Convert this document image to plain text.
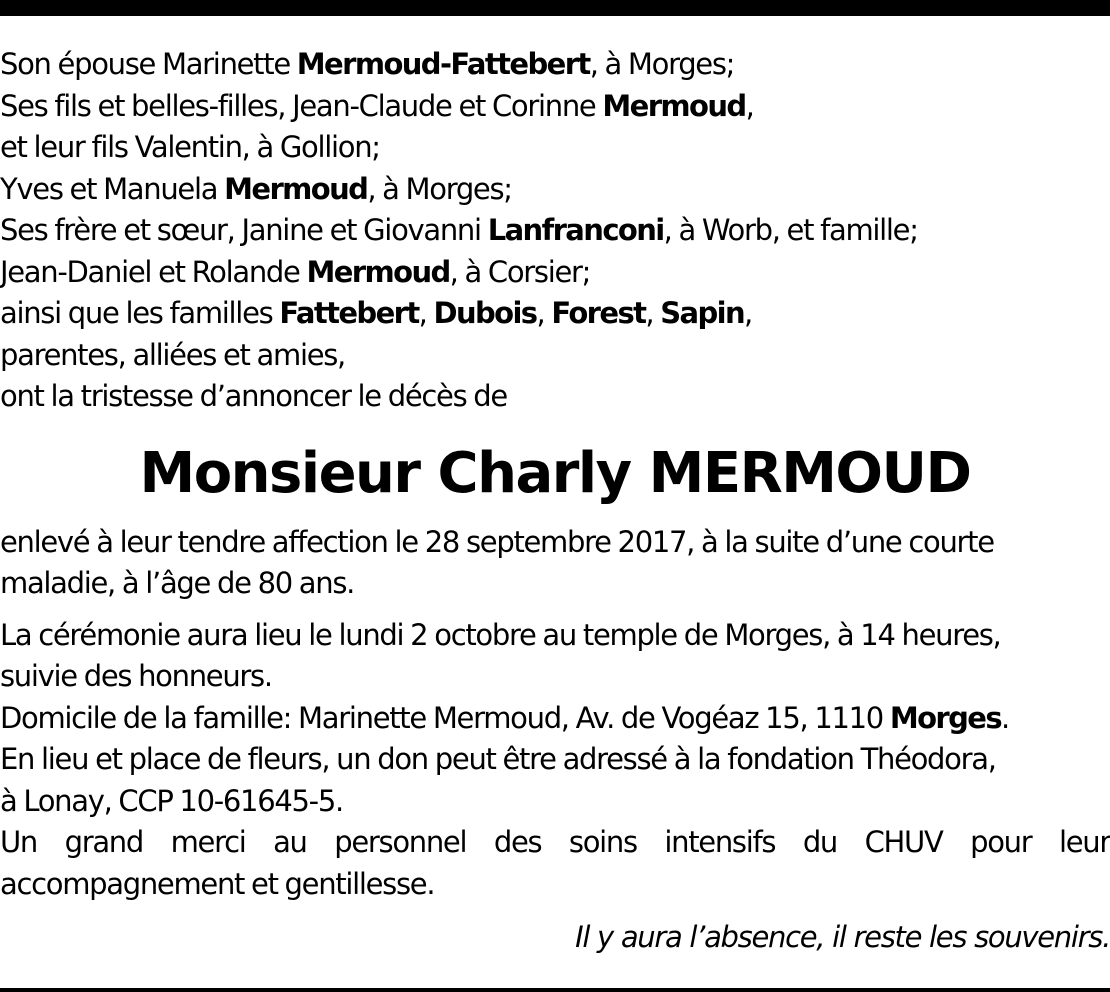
Son épouse Marinette Mermoud-Fattebert, à Morges;
Ses fils et belles-filles, Jean-Claude et Corinne Mermoud,
et leur fils Valentin, à Gollion;
Yves et Manuela Mermoud, à Morges;
Ses frère et sœur, Janine et Giovanni Lanfranconi, à Worb, et famille;
Jean-Daniel et Rolande Mermoud, à Corsier;
ainsi que les familles Fattebert, Dubois, Forest, Sapin,
parentes, alliées et amies,
ont la tristesse d’annoncer le décès de
Monsieur Charly MERMOUD
enlevé à leur tendre affection le 28 septembre 2017, à la suite d’une courte
maladie, à l’âge de 80 ans.
La cérémonie aura lieu le lundi 2 octobre au temple de Morges, à 14 heures,
suivie des honneurs.
Domicile de la famille: Marinette Mermoud, Av. de Vogéaz 15, 1110 Morges.
En lieu et place de fleurs, un don peut être adressé à la fondation Théodora,
à Lonay, CCP 10-61645-5.
Un grand merci au personnel des soins intensifs du CHUV pour leur
accompagnement et gentillesse.
Il y aura l’absence, il reste les souvenirs.
